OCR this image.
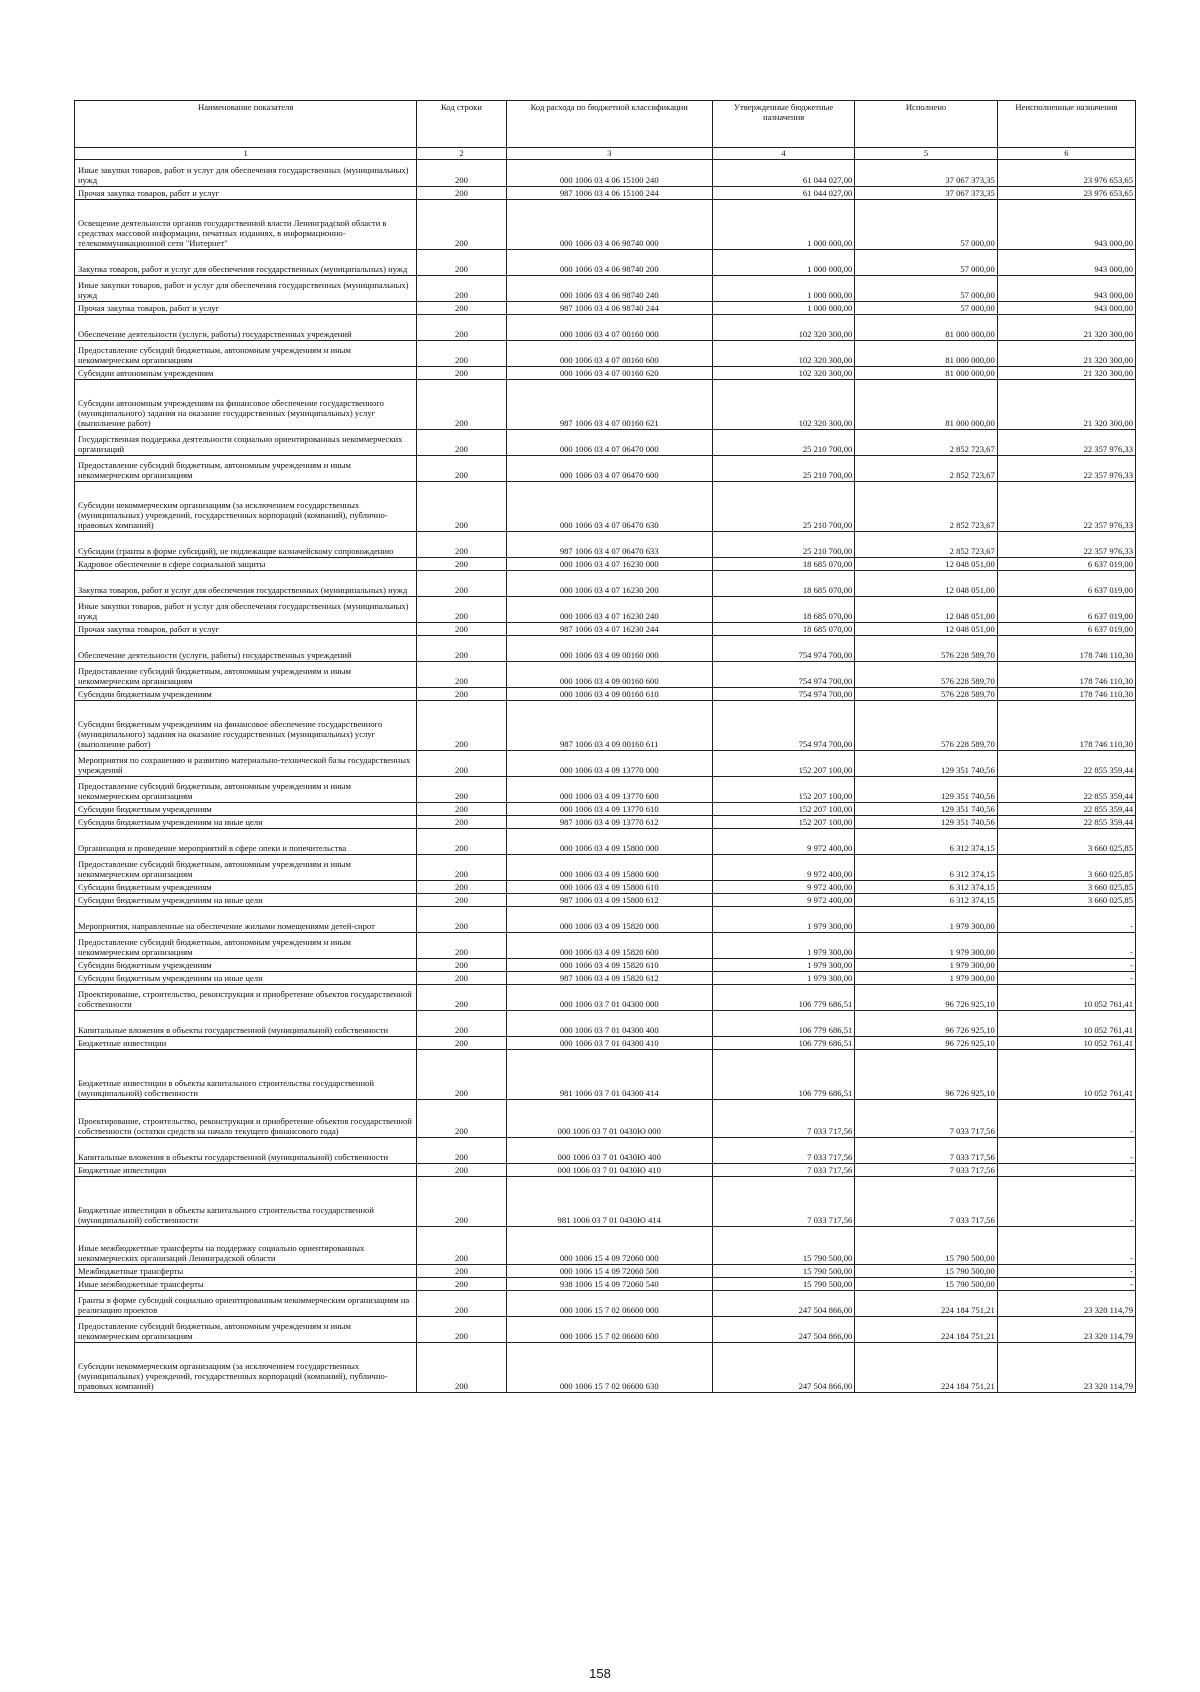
Наименование показателя	Код строки	Код расхода по бюджетной классификации	Утвержденные бюджетные назначения	Исполнено	Неисполненные назначения
1	2	3	4	5	6
Иные закупки товаров, работ и услуг для обеспечения государственных (муниципальных) нужд	200	000 1006 03 4 06 15100 240	61 044 027,00	37 067 373,35	23 976 653,65
Прочая закупка товаров, работ и услуг	200	987 1006 03 4 06 15100 244	61 044 027,00	37 067 373,35	23 976 653,65
Освещение деятельности органов государственной власти Ленинградской области в средствах массовой информации, печатных изданиях, в информационно-телекоммуникационной сети "Интернет"	200	000 1006 03 4 06 98740 000	1 000 000,00	57 000,00	943 000,00
Закупка товаров, работ и услуг для обеспечения государственных (муниципальных) нужд	200	000 1006 03 4 06 98740 200	1 000 000,00	57 000,00	943 000,00
Иные закупки товаров, работ и услуг для обеспечения государственных (муниципальных) нужд	200	000 1006 03 4 06 98740 240	1 000 000,00	57 000,00	943 000,00
Прочая закупка товаров, работ и услуг	200	987 1006 03 4 06 98740 244	1 000 000,00	57 000,00	943 000,00
Обеспечение деятельности (услуги, работы) государственных учреждений	200	000 1006 03 4 07 00160 000	102 320 300,00	81 000 000,00	21 320 300,00
Предоставление субсидий бюджетным, автономным учреждениям и иным некоммерческим организациям	200	000 1006 03 4 07 00160 600	102 320 300,00	81 000 000,00	21 320 300,00
Субсидии автономным учреждениям	200	000 1006 03 4 07 00160 620	102 320 300,00	81 000 000,00	21 320 300,00
Субсидии автономным учреждениям на финансовое обеспечение государственного (муниципального) задания на оказание государственных (муниципальных) услуг (выполнение работ)	200	987 1006 03 4 07 00160 621	102 320 300,00	81 000 000,00	21 320 300,00
Государственная поддержка деятельности социально ориентированных некоммерческих организаций	200	000 1006 03 4 07 06470 000	25 210 700,00	2 852 723,67	22 357 976,33
Предоставление субсидий бюджетным, автономным учреждениям и иным некоммерческим организациям	200	000 1006 03 4 07 06470 600	25 210 700,00	2 852 723,67	22 357 976,33
Субсидии некоммерческим организациям (за исключением государственных (муниципальных) учреждений, государственных корпораций (компаний), публично-правовых компаний)	200	000 1006 03 4 07 06470 630	25 210 700,00	2 852 723,67	22 357 976,33
Субсидии (гранты в форме субсидий), не подлежащие казначейскому сопровождению	200	987 1006 03 4 07 06470 633	25 210 700,00	2 852 723,67	22 357 976,33
Кадровое обеспечение в сфере социальной защиты	200	000 1006 03 4 07 16230 000	18 685 070,00	12 048 051,00	6 637 019,00
Закупка товаров, работ и услуг для обеспечения государственных (муниципальных) нужд	200	000 1006 03 4 07 16230 200	18 685 070,00	12 048 051,00	6 637 019,00
Иные закупки товаров, работ и услуг для обеспечения государственных (муниципальных) нужд	200	000 1006 03 4 07 16230 240	18 685 070,00	12 048 051,00	6 637 019,00
Прочая закупка товаров, работ и услуг	200	987 1006 03 4 07 16230 244	18 685 070,00	12 048 051,00	6 637 019,00
Обеспечение деятельности (услуги, работы) государственных учреждений	200	000 1006 03 4 09 00160 000	754 974 700,00	576 228 589,70	178 746 110,30
Предоставление субсидий бюджетным, автономным учреждениям и иным некоммерческим организациям	200	000 1006 03 4 09 00160 600	754 974 700,00	576 228 589,70	178 746 110,30
Субсидии бюджетным учреждениям	200	000 1006 03 4 09 00160 610	754 974 700,00	576 228 589,70	178 746 110,30
Субсидии бюджетным учреждениям на финансовое обеспечение государственного (муниципального) задания на оказание государственных (муниципальных) услуг (выполнение работ)	200	987 1006 03 4 09 00160 611	754 974 700,00	576 228 589,70	178 746 110,30
Мероприятия по сохранению и развитию материально-технической базы государственных учреждений	200	000 1006 03 4 09 13770 000	152 207 100,00	129 351 740,56	22 855 359,44
Предоставление субсидий бюджетным, автономным учреждениям и иным некоммерческим организациям	200	000 1006 03 4 09 13770 600	152 207 100,00	129 351 740,56	22 855 359,44
Субсидии бюджетным учреждениям	200	000 1006 03 4 09 13770 610	152 207 100,00	129 351 740,56	22 855 359,44
Субсидии бюджетным учреждениям на иные цели	200	987 1006 03 4 09 13770 612	152 207 100,00	129 351 740,56	22 855 359,44
Организация и проведение мероприятий в сфере опеки и попечительства	200	000 1006 03 4 09 15800 000	9 972 400,00	6 312 374,15	3 660 025,85
Предоставление субсидий бюджетным, автономным учреждениям и иным некоммерческим организациям	200	000 1006 03 4 09 15800 600	9 972 400,00	6 312 374,15	3 660 025,85
Субсидии бюджетным учреждениям	200	000 1006 03 4 09 15800 610	9 972 400,00	6 312 374,15	3 660 025,85
Субсидии бюджетным учреждениям на иные цели	200	987 1006 03 4 09 15800 612	9 972 400,00	6 312 374,15	3 660 025,85
Мероприятия, направленные на обеспечение жилыми помещениями детей-сирот	200	000 1006 03 4 09 15820 000	1 979 300,00	1 979 300,00	-
Предоставление субсидий бюджетным, автономным учреждениям и иным некоммерческим организациям	200	000 1006 03 4 09 15820 600	1 979 300,00	1 979 300,00	-
Субсидии бюджетным учреждениям	200	000 1006 03 4 09 15820 610	1 979 300,00	1 979 300,00	-
Субсидии бюджетным учреждениям на иные цели	200	987 1006 03 4 09 15820 612	1 979 300,00	1 979 300,00	-
Проектирование, строительство, реконструкция и приобретение объектов государственной собственности	200	000 1006 03 7 01 04300 000	106 779 686,51	96 726 925,10	10 052 761,41
Капитальные вложения в объекты государственной (муниципальной) собственности	200	000 1006 03 7 01 04300 400	106 779 686,51	96 726 925,10	10 052 761,41
Бюджетные инвестиции	200	000 1006 03 7 01 04300 410	106 779 686,51	96 726 925,10	10 052 761,41
Бюджетные инвестиции в объекты капитального строительства государственной (муниципальной) собственности	200	981 1006 03 7 01 04300 414	106 779 686,51	96 726 925,10	10 052 761,41
Проектирование, строительство, реконструкция и приобретение объектов государственной собственности (остатки средств на начало текущего финансового года)	200	000 1006 03 7 01 0430Ю 000	7 033 717,56	7 033 717,56	-
Капитальные вложения в объекты государственной (муниципальной) собственности	200	000 1006 03 7 01 0430Ю 400	7 033 717,56	7 033 717,56	-
Бюджетные инвестиции	200	000 1006 03 7 01 0430Ю 410	7 033 717,56	7 033 717,56	-
Бюджетные инвестиции в объекты капитального строительства государственной (муниципальной) собственности	200	981 1006 03 7 01 0430Ю 414	7 033 717,56	7 033 717,56	-
Иные межбюджетные трансферты на поддержку социально ориентированных некоммерческих организаций Ленинградской области	200	000 1006 15 4 09 72060 000	15 790 500,00	15 790 500,00	-
Межбюджетные трансферты	200	000 1006 15 4 09 72060 500	15 790 500,00	15 790 500,00	-
Иные межбюджетные трансферты	200	938 1006 15 4 09 72060 540	15 790 500,00	15 790 500,00	-
Гранты в форме субсидий социально ориентированным некоммерческим организациям на реализацию проектов	200	000 1006 15 7 02 06600 000	247 504 866,00	224 184 751,21	23 320 114,79
Предоставление субсидий бюджетным, автономным учреждениям и иным некоммерческим организациям	200	000 1006 15 7 02 06600 600	247 504 866,00	224 184 751,21	23 320 114,79
Субсидии некоммерческим организациям (за исключением государственных (муниципальных) учреждений, государственных корпораций (компаний), публично-правовых компаний)	200	000 1006 15 7 02 06600 630	247 504 866,00	224 184 751,21	23 320 114,79
158
